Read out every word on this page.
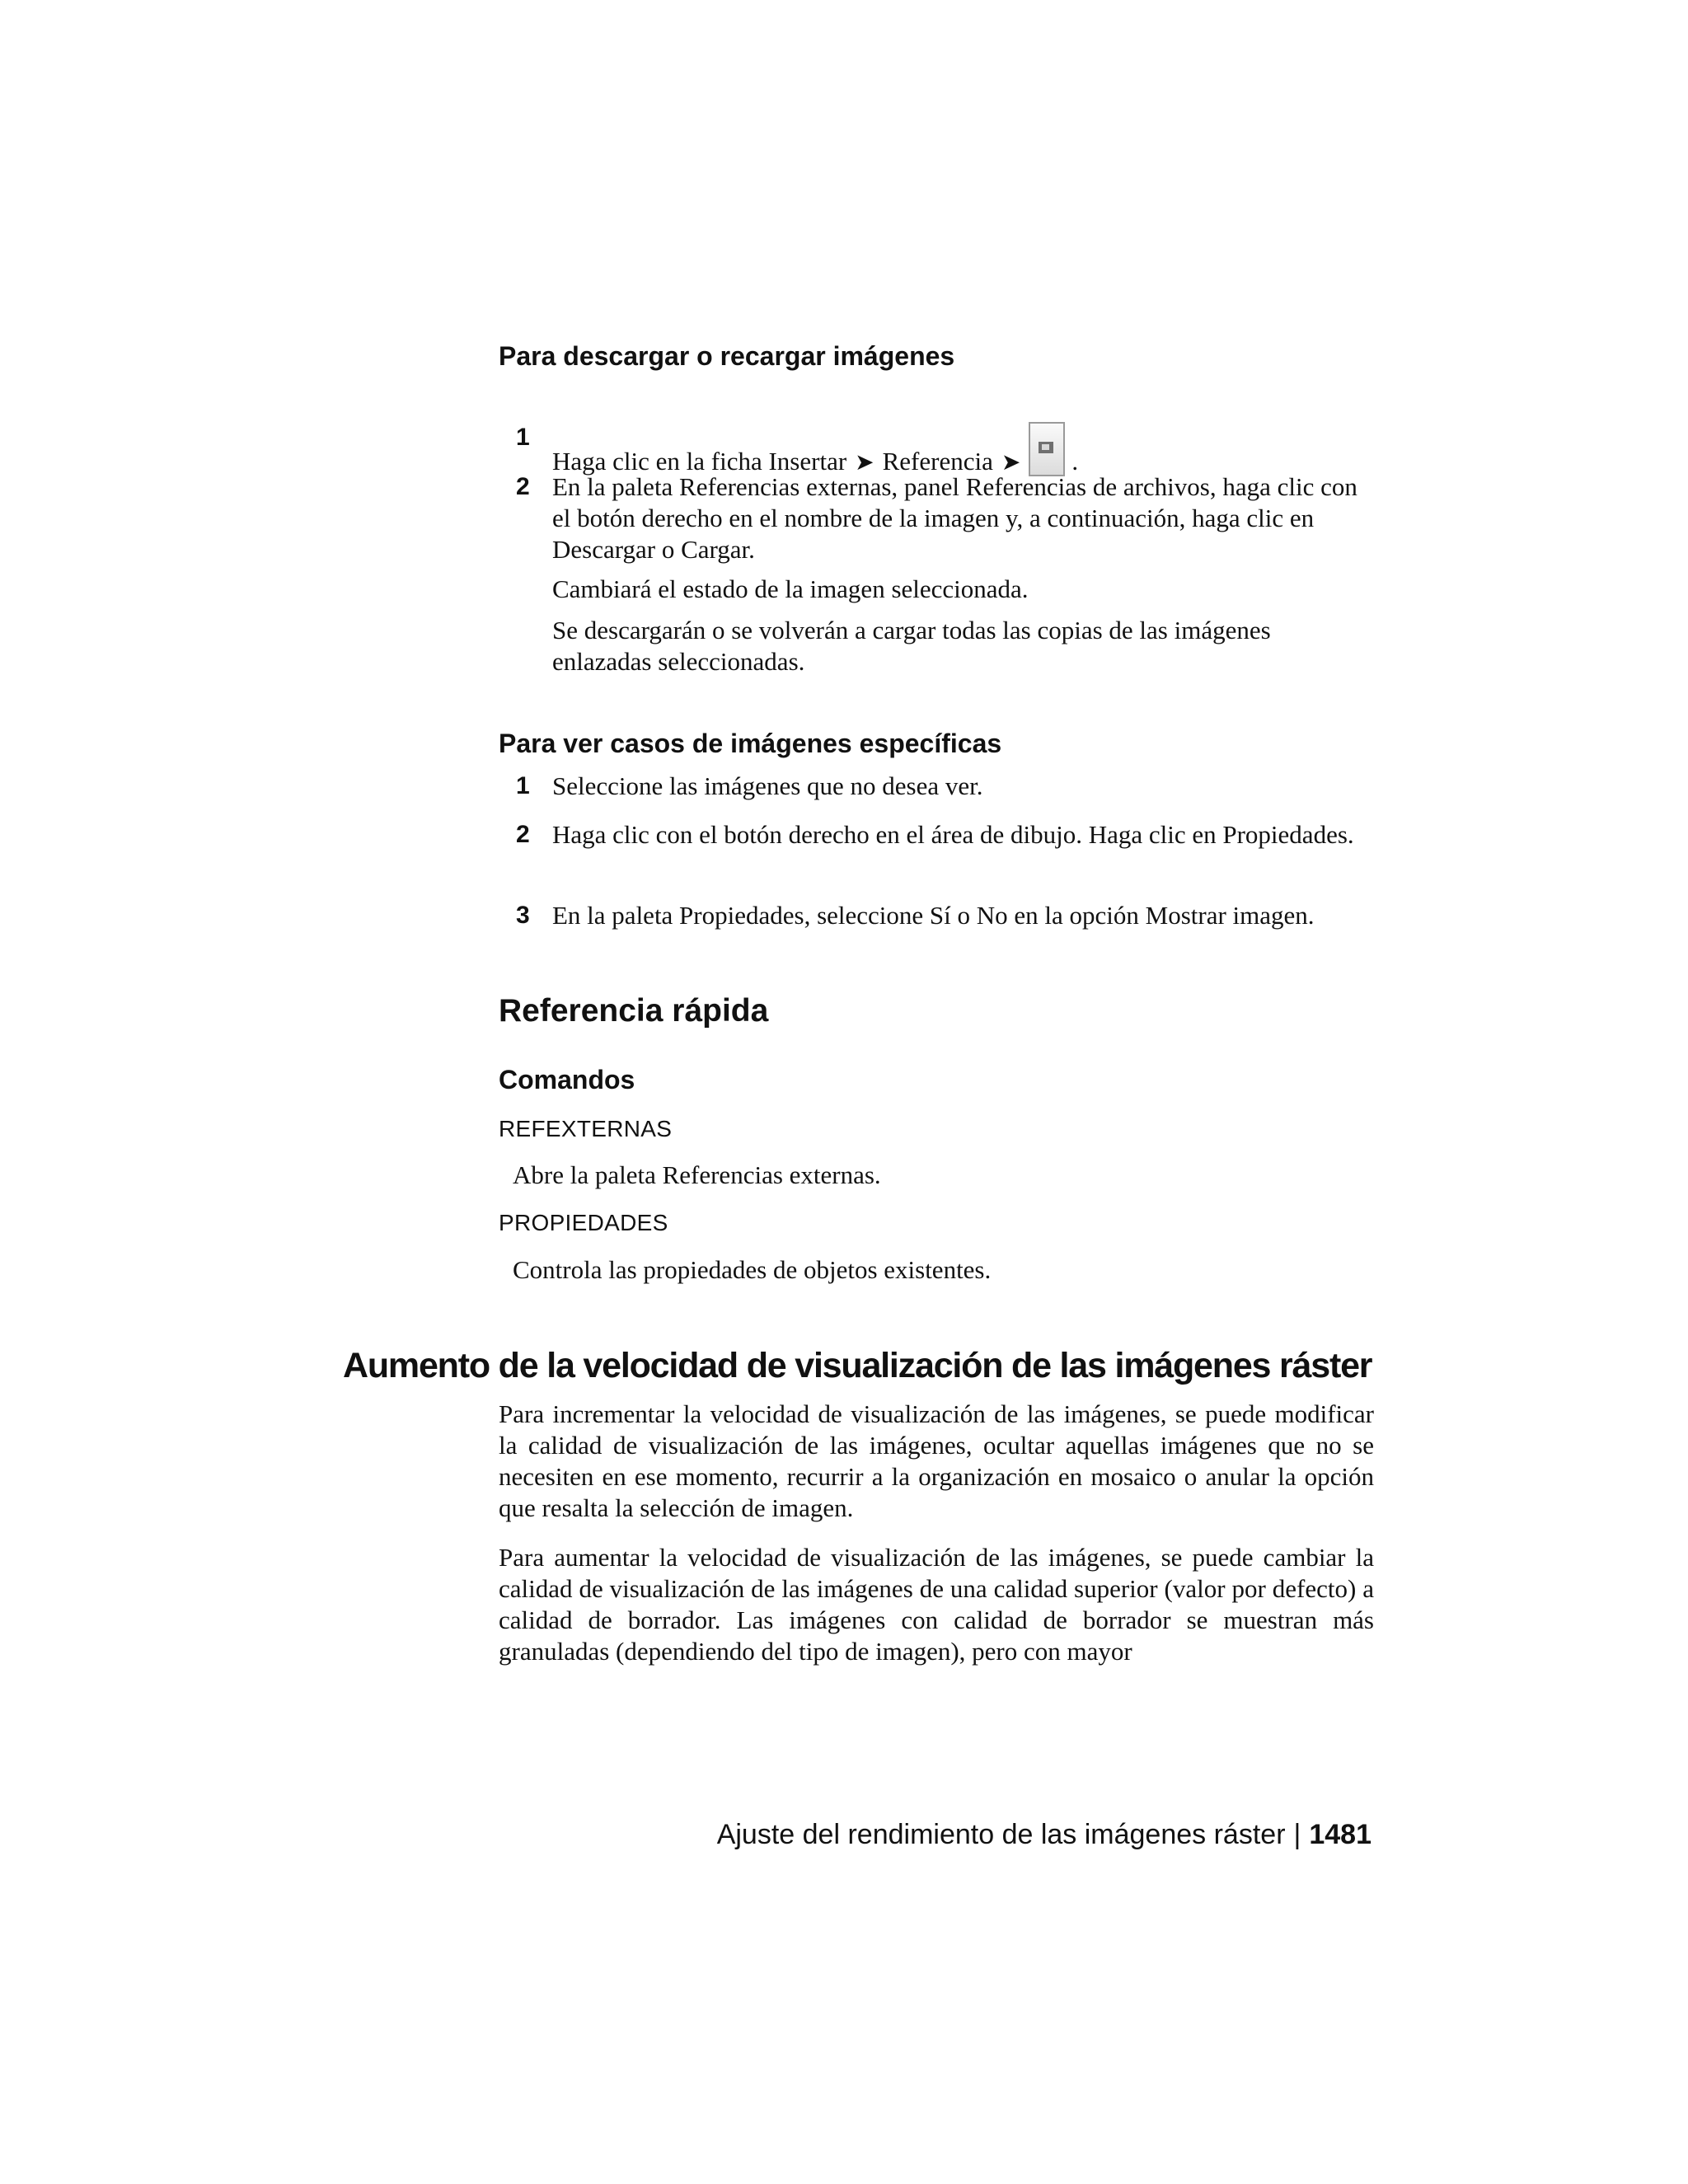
Para descargar o recargar imágenes
1
Haga clic en la ficha Insertar ➤ Referencia ➤ .
2 En la paleta Referencias externas, panel Referencias de archivos, haga clic con el botón derecho en el nombre de la imagen y, a continuación, haga clic en Descargar o Cargar.

Cambiará el estado de la imagen seleccionada.

Se descargarán o se volverán a cargar todas las copias de las imágenes enlazadas seleccionadas.

Para ver casos de imágenes específicas
1 Seleccione las imágenes que no desea ver.

2 Haga clic con el botón derecho en el área de dibujo. Haga clic en Propiedades.

3 En la paleta Propiedades, seleccione Sí o No en la opción Mostrar imagen.

Referencia rápida
Comandos
REFEXTERNAS
Abre la paleta Referencias externas.
PROPIEDADES
Controla las propiedades de objetos existentes.
Aumento de la velocidad de visualización de las imágenes ráster

Para incrementar la velocidad de visualización de las imágenes, se puede modificar la calidad de visualización de las imágenes, ocultar aquellas imágenes que no se necesiten en ese momento, recurrir a la organización en mosaico o anular la opción que resalta la selección de imagen.

Para aumentar la velocidad de visualización de las imágenes, se puede cambiar la calidad de visualización de las imágenes de una calidad superior (valor por defecto) a calidad de borrador. Las imágenes con calidad de borrador se muestran más granuladas (dependiendo del tipo de imagen), pero con mayor

Ajuste del rendimiento de las imágenes ráster | 1481
